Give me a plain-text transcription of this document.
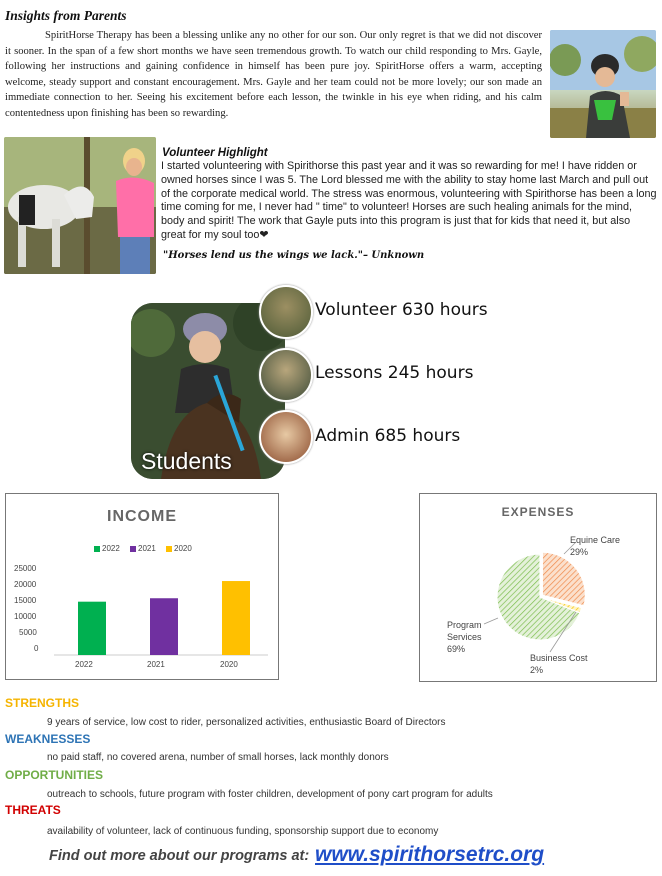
Insights from Parents
SpiritHorse Therapy has been a blessing unlike any no other for our son. Our only regret is that we did not discover it sooner. In the span of a few short months we have seen tremendous growth. To watch our child responding to Mrs. Gayle, following her instructions and gaining confidence in himself has been pure joy. SpiritHorse offers a warm, accepting welcome, steady support and constant encouragement. Mrs. Gayle and her team could not be more lovely; our son made an immediate connection to her. Seeing his excitement before each lesson, the twinkle in his eye when riding, and his calm contentedness upon finishing has been so rewarding.
Volunteer Highlight
I started volunteering with Spirithorse this past year and it was so rewarding for me! I have ridden or owned horses since I was 5. The Lord blessed me with the ability to stay home last March and pull out of the corporate medical world. The stress was enormous, volunteering with Spirithorse has been a long time coming for me, I never had " time" to volunteer! Horses are such healing animals for the mind, body and spirit! The work that Gayle puts into this program is just that for kids that need it, but also great for my soul too❤
"Horses lend us the wings we lack."– Unknown
Students
Volunteer 630 hours
Lessons 245 hours
Admin 685 hours
INCOME
2022	2021	2020
25000
20000
15000
10000
5000
0
2022	2021	2020
EXPENSES
Equine Care
29%
Program Services
69%
Business Cost
2%
STRENGTHS
9 years of service, low cost to rider, personalized activities, enthusiastic Board of Directors
WEAKNESSES
no paid staff, no covered arena, number of small horses, lack monthly donors
OPPORTUNITIES
outreach to schools, future program with foster children, development of pony cart program for adults
THREATS
availability of volunteer, lack of continuous funding, sponsorship support due to economy
Find out more about our programs at: www.spirithorsetrc.org
